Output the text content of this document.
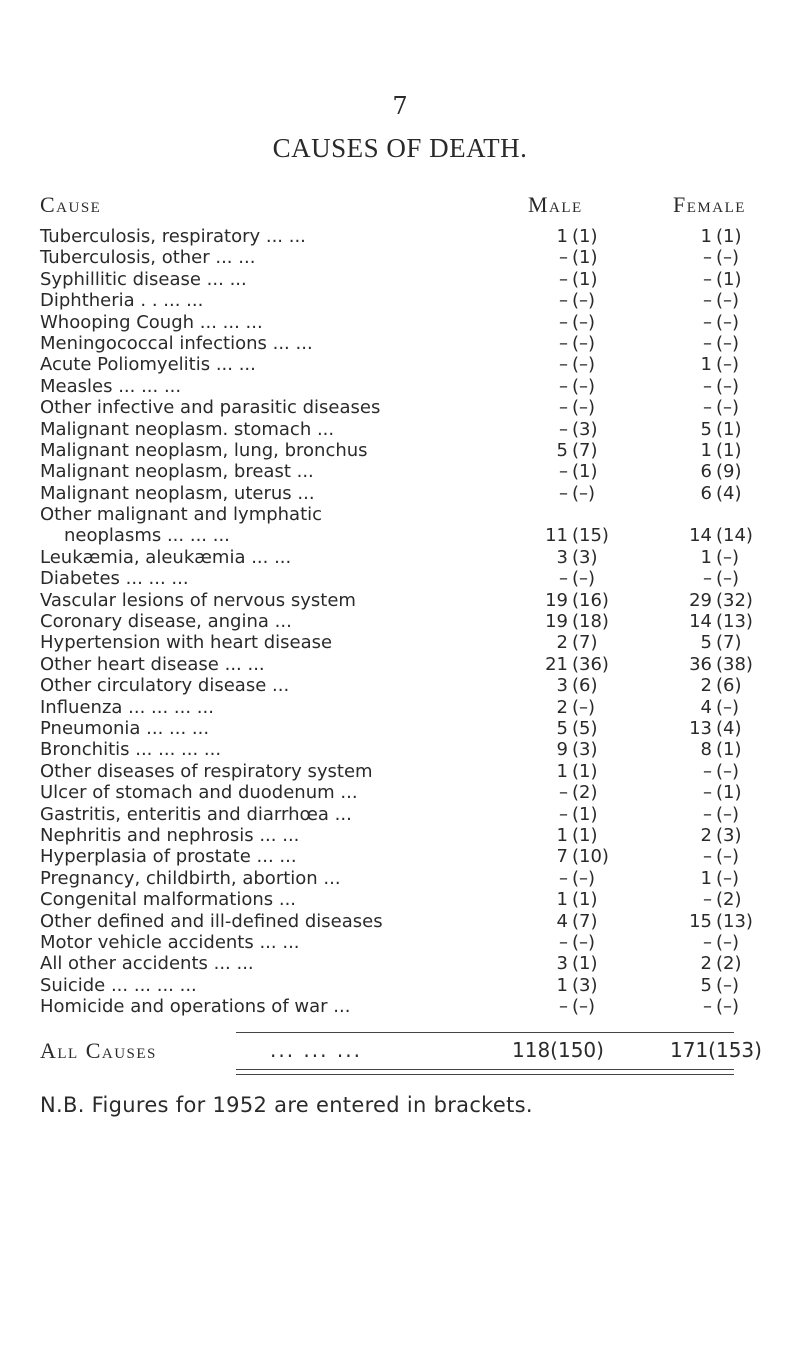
7
CAUSES OF DEATH.
Cause	Male	Female
Tuberculosis, respiratory ... ...	1 (1)	1 (1)
Tuberculosis, other ... ...	– (1)	– (–)
Syphillitic disease ... ...	– (1)	– (1)
Diphtheria . . ... ...	– (–)	– (–)
Whooping Cough ... ... ...	– (–)	– (–)
Meningococcal infections ... ...	– (–)	– (–)
Acute Poliomyelitis ... ...	– (–)	1 (–)
Measles ... ... ...	– (–)	– (–)
Other infective and parasitic diseases	– (–)	– (–)
Malignant neoplasm. stomach ...	– (3)	5 (1)
Malignant neoplasm, lung, bronchus	5 (7)	1 (1)
Malignant neoplasm, breast ...	– (1)	6 (9)
Malignant neoplasm, uterus ...	– (–)	6 (4)
Other malignant and lymphatic
neoplasms ... ... ...	11 (15)	14 (14)
Leukæmia, aleukæmia ... ...	3 (3)	1 (–)
Diabetes ... ... ...	– (–)	– (–)
Vascular lesions of nervous system	19 (16)	29 (32)
Coronary disease, angina ...	19 (18)	14 (13)
Hypertension with heart disease	2 (7)	5 (7)
Other heart disease ... ...	21 (36)	36 (38)
Other circulatory disease ...	3 (6)	2 (6)
Influenza ... ... ... ...	2 (–)	4 (–)
Pneumonia ... ... ...	5 (5)	13 (4)
Bronchitis ... ... ... ...	9 (3)	8 (1)
Other diseases of respiratory system	1 (1)	– (–)
Ulcer of stomach and duodenum ...	– (2)	– (1)
Gastritis, enteritis and diarrhœa ...	– (1)	– (–)
Nephritis and nephrosis ... ...	1 (1)	2 (3)
Hyperplasia of prostate ... ...	7 (10)	– (–)
Pregnancy, childbirth, abortion ...	– (–)	1 (–)
Congenital malformations ...	1 (1)	– (2)
Other defined and ill-defined diseases	4 (7)	15 (13)
Motor vehicle accidents ... ...	– (–)	– (–)
All other accidents ... ...	3 (1)	2 (2)
Suicide ... ... ... ...	1 (3)	5 (–)
Homicide and operations of war ...	– (–)	– (–)
All Causes	... ... ...	118(150)	171(153)
N.B. Figures for 1952 are entered in brackets.
